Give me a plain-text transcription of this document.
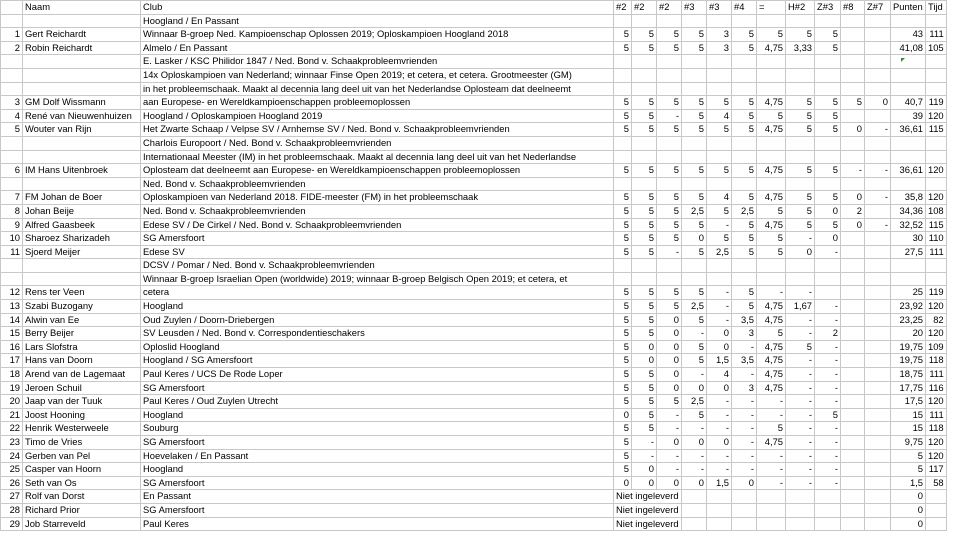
	Naam	Club	#2	#2	#2	#3	#3	#4	=	H#2	Z#3	#8	Z#7	Punten	Tijd
		Hoogland / En Passant													
1	Gert Reichardt	Winnaar B-groep Ned. Kampioenschap Oplossen 2019; Oploskampioen Hoogland 2018	5	5	5	5	3	5	5	5	5			43	111
2	Robin Reichardt	Almelo / En Passant	5	5	5	5	3	5	4,75	3,33	5			41,08	105
		E. Lasker / KSC Philidor 1847 / Ned. Bond v. Schaakprobleemvrienden													
		14x Oploskampioen van Nederland; winnaar Finse Open 2019; et cetera, et cetera. Grootmeester (GM)													
		in het probleemschaak. Maakt al decennia lang deel uit van het Nederlandse Oplosteam dat deelneemt													
3	GM Dolf Wissmann	aan Europese- en Wereldkampioenschappen probleemoplossen	5	5	5	5	5	5	4,75	5	5	5	0	40,7	119
4	René van Nieuwenhuizen	Hoogland / Oploskampioen Hoogland 2019	5	5	-	5	4	5	5	5	5			39	120
5	Wouter van Rijn	Het Zwarte Schaap / Velpse SV / Arnhemse SV / Ned. Bond v. Schaakprobleemvrienden	5	5	5	5	5	5	4,75	5	5	0	-	36,61	115
		Charlois Europoort / Ned. Bond v. Schaakprobleemvrienden													
		Internationaal Meester (IM) in het probleemschaak. Maakt al decennia lang deel uit van het Nederlandse													
6	IM Hans Uitenbroek	Oplosteam dat deelneemt aan Europese- en Wereldkampioenschappen probleemoplossen	5	5	5	5	5	5	4,75	5	5	-	-	36,61	120
		Ned. Bond v. Schaakprobleemvrienden													
7	FM Johan de Boer	Oploskampioen van Nederland 2018. FIDE-meester (FM) in het probleemschaak	5	5	5	5	4	5	4,75	5	5	0	-	35,8	120
8	Johan Beije	Ned. Bond v. Schaakprobleemvrienden	5	5	5	2,5	5	2,5	5	5	0	2		34,36	108
9	Alfred Gaasbeek	Edese SV / De Cirkel / Ned. Bond v. Schaakprobleemvrienden	5	5	5	5	-	5	4,75	5	5	0	-	32,52	115
10	Sharoez Sharizadeh	SG Amersfoort	5	5	5	0	5	5	5	-	0			30	110
11	Sjoerd Meijer	Edese SV	5	5	-	5	2,5	5	5	0	-			27,5	111
		DCSV / Pomar / Ned. Bond v. Schaakprobleemvrienden													
		Winnaar B-groep Israelian Open (worldwide) 2019; winnaar B-groep Belgisch Open 2019; et cetera, et													
12	Rens ter Veen	cetera	5	5	5	5	-	5	-	-				25	119
13	Szabi Buzogany	Hoogland	5	5	5	2,5	-	5	4,75	1,67	-			23,92	120
14	Alwin van Ee	Oud Zuylen / Doorn-Driebergen	5	5	0	5	-	3,5	4,75	-	-			23,25	82
15	Berry Beijer	SV Leusden / Ned. Bond v. Correspondentieschakers	5	5	0	-	0	3	5	-	2			20	120
16	Lars Slofstra	Oploslid Hoogland	5	0	0	5	0	-	4,75	5	-			19,75	109
17	Hans van Doorn	Hoogland / SG Amersfoort	5	0	0	5	1,5	3,5	4,75	-	-			19,75	118
18	Arend van de Lagemaat	Paul Keres / UCS De Rode Loper	5	5	0	-	4	-	4,75	-	-			18,75	111
19	Jeroen Schuil	SG Amersfoort	5	5	0	0	0	3	4,75	-	-			17,75	116
20	Jaap van der Tuuk	Paul Keres / Oud Zuylen Utrecht	5	5	5	2,5	-	-	-	-	-			17,5	120
21	Joost Hooning	Hoogland	0	5	-	5	-	-	-	-	5			15	111
22	Henrik Westerweele	Souburg	5	5	-	-	-	-	5	-	-			15	118
23	Timo de Vries	SG Amersfoort	5	-	0	0	0	-	4,75	-	-			9,75	120
24	Gerben van Pel	Hoevelaken / En Passant	5	-	-	-	-	-	-	-	-			5	120
25	Casper van Hoorn	Hoogland	5	0	-	-	-	-	-	-	-			5	117
26	Seth van Os	SG Amersfoort	0	0	0	0	1,5	0	-	-	-			1,5	58
27	Rolf van Dorst	En Passant	Niet ingeleverd											0	
28	Richard Prior	SG Amersfoort	Niet ingeleverd											0	
29	Job Starreveld	Paul Keres	Niet ingeleverd											0	
